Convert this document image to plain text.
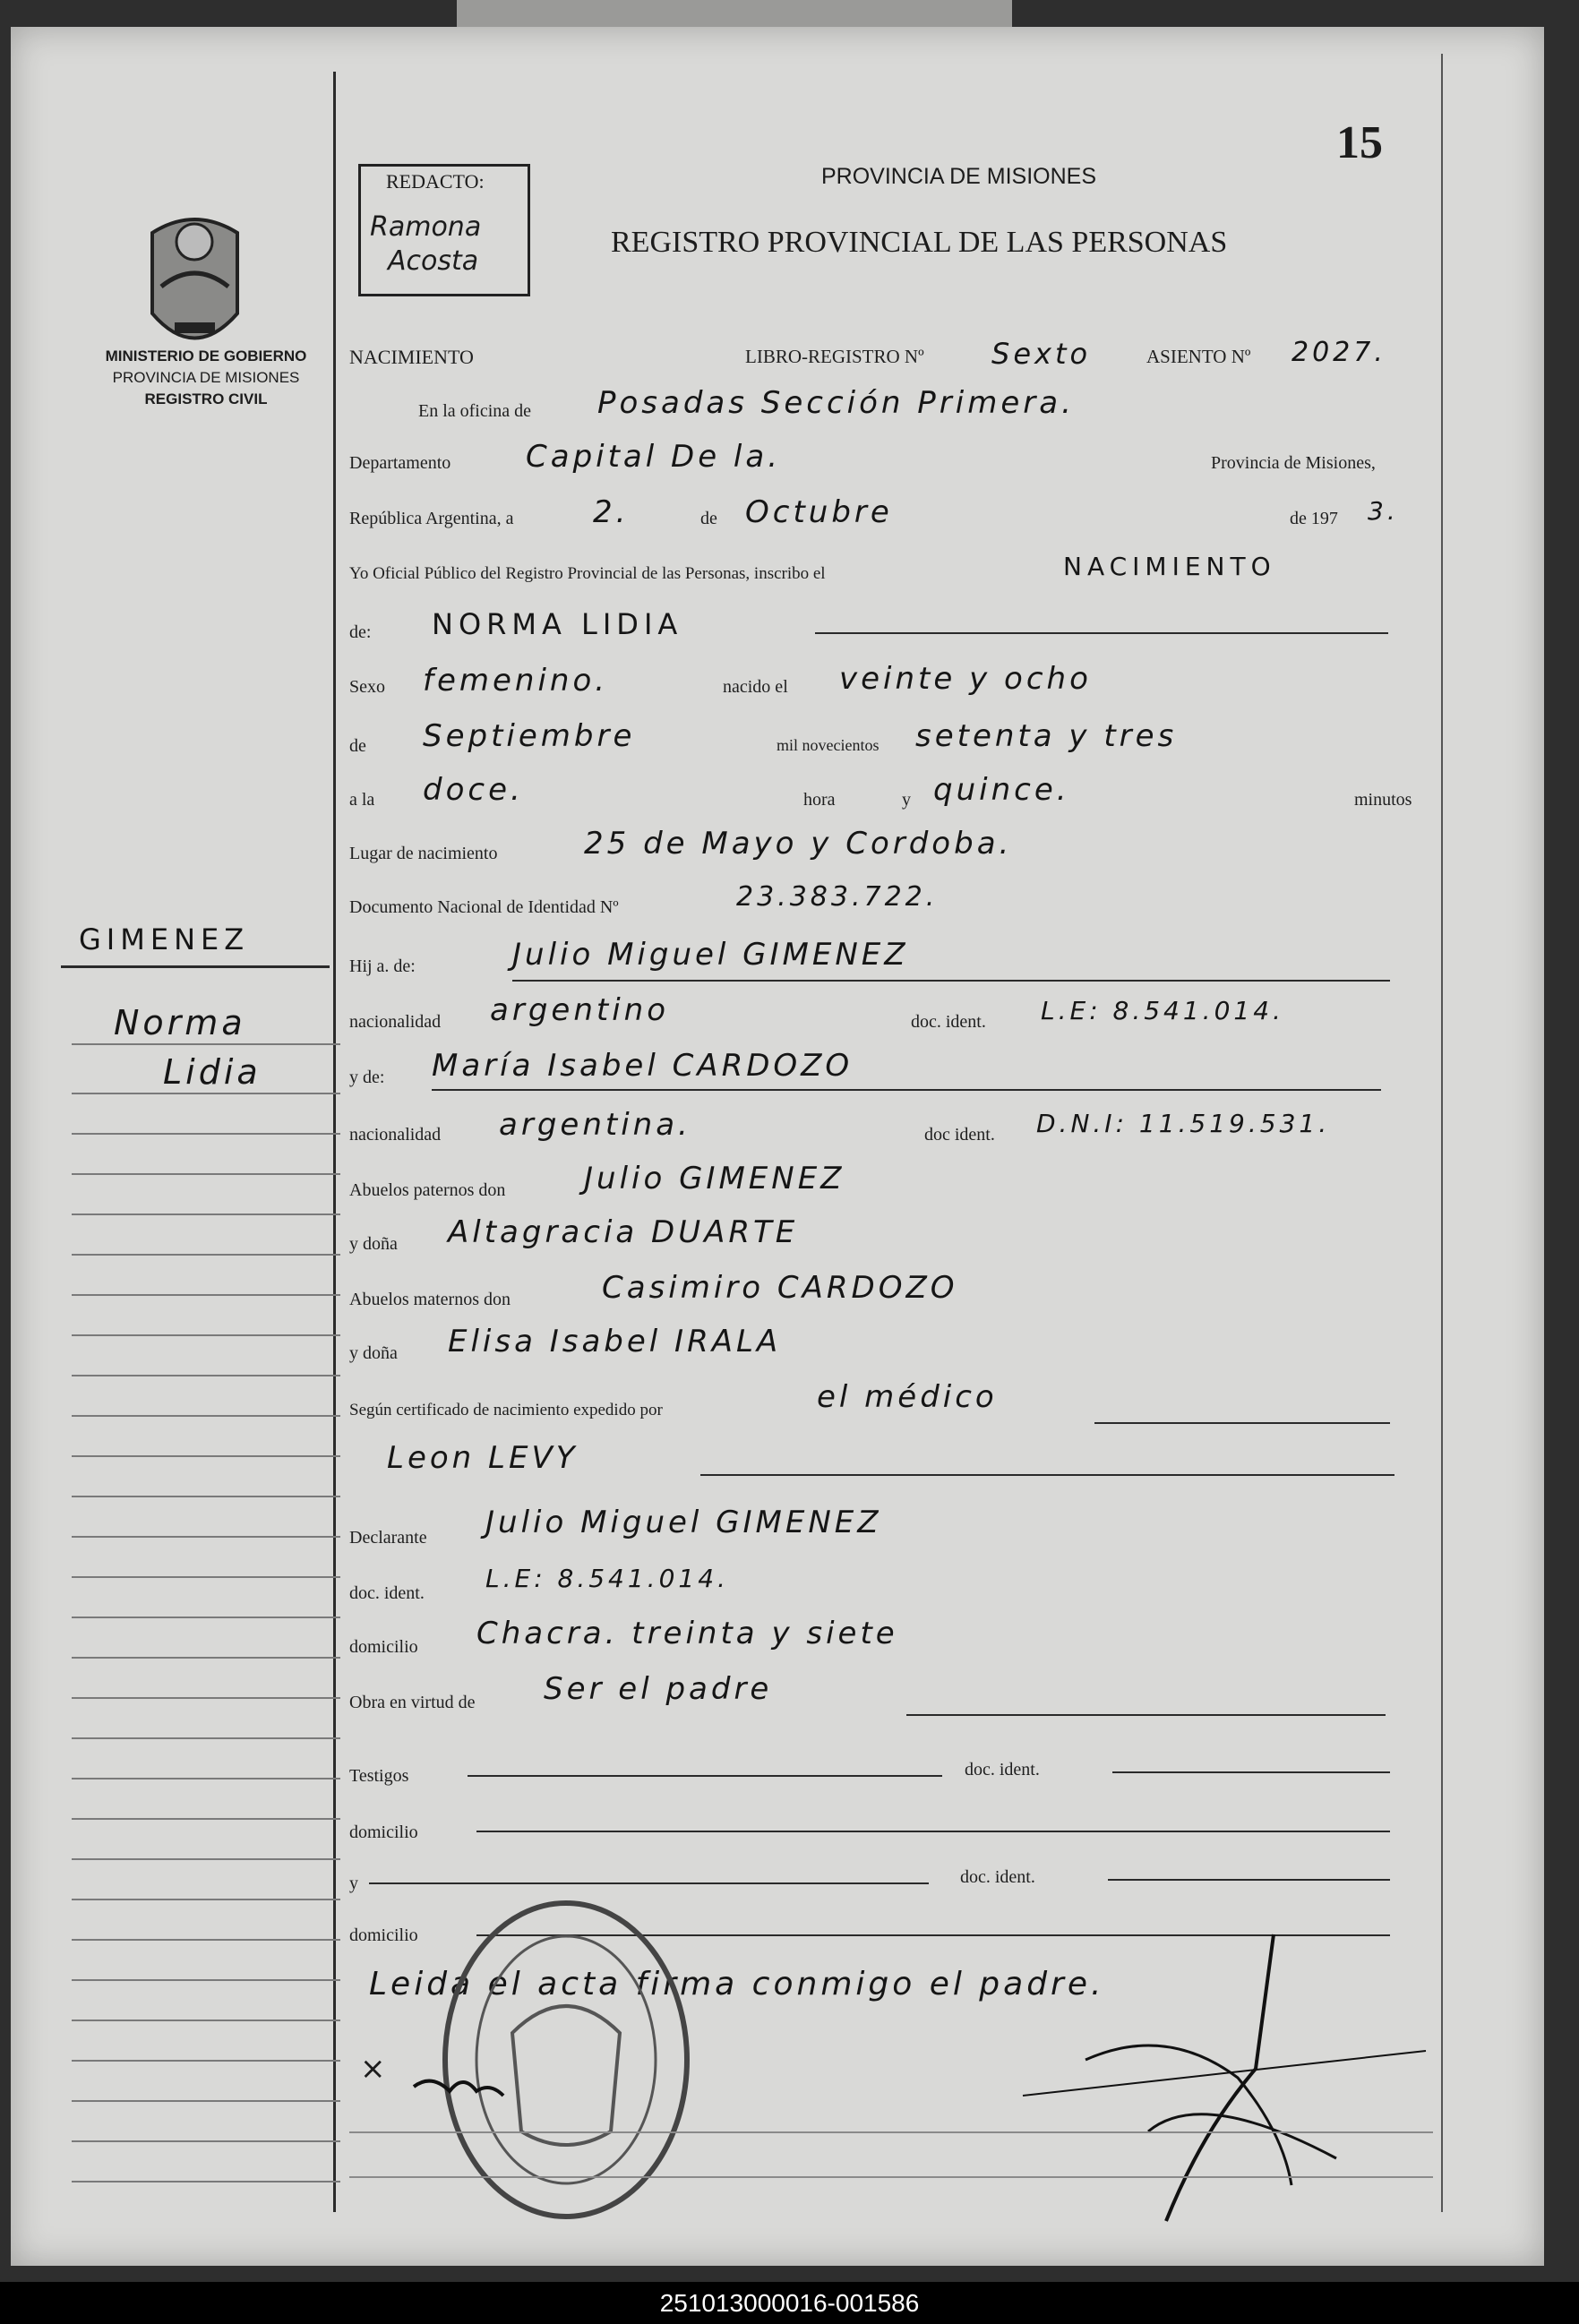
15
REDACTO:
Ramona
Acosta
PROVINCIA DE MISIONES
REGISTRO PROVINCIAL DE LAS PERSONAS
MINISTERIO DE GOBIERNO
PROVINCIA DE MISIONES
REGISTRO CIVIL
GIMENEZ
Norma
Lidia
NACIMIENTO	LIBRO-REGISTRO Nº Sexto	ASIENTO Nº 2027.
En la oficina de Posadas Sección Primera.
Departamento Capital De la.	Provincia de Misiones,
República Argentina, a	2.	de Octubre	de 197 3.
Yo Oficial Público del Registro Provincial de las Personas, inscribo el	NACIMIENTO
de: NORMA LIDIA
Sexo femenino.	nacido el veinte y ocho
de Septiembre	mil novecientos setenta y tres
a la doce.	hora	y quince.	minutos
Lugar de nacimiento	25 de Mayo y Cordoba.
Documento Nacional de Identidad Nº	23.383.722.
Hij a. de:	Julio Miguel GIMENEZ
nacionalidad argentino	doc. ident. L.E: 8.541.014.
y de: María Isabel CARDOZO
nacionalidad argentina.	doc ident. D.N.I: 11.519.531.
Abuelos paternos don	Julio GIMENEZ
y doña Altagracia DUARTE
Abuelos maternos don	Casimiro CARDOZO
y doña Elisa Isabel IRALA
Según certificado de nacimiento expedido por	el médico
Leon LEVY
Declarante Julio Miguel GIMENEZ
doc. ident. L.E: 8.541.014.
domicilio Chacra. treinta y siete
Obra en virtud de Ser el padre
Testigos	doc. ident.
domicilio
y	doc. ident.
domicilio
Leida el acta firma conmigo el padre.
×
251013000016-001586
